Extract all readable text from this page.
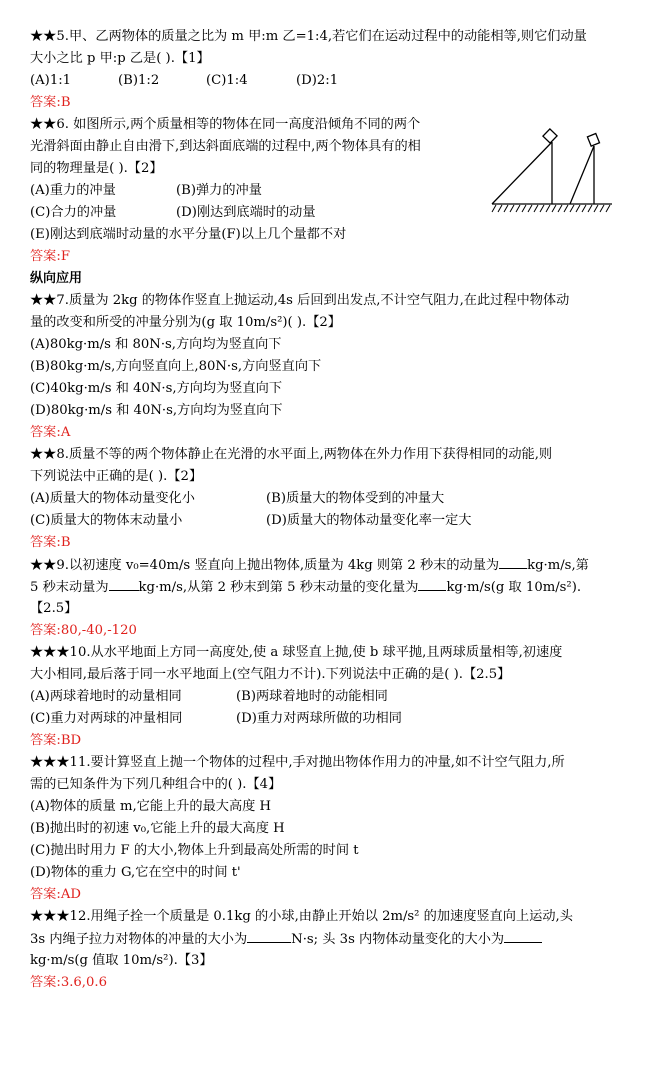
★★5.甲、乙两物体的质量之比为 m 甲:m 乙=1:4,若它们在运动过程中的动能相等,则它们动量
大小之比 p 甲:p 乙是( ).【1】
(A)1:1	(B)1:2	(C)1:4	(D)2:1
答案:B
★★6. 如图所示,两个质量相等的物体在同一高度沿倾角不同的两个
光滑斜面由静止自由滑下,到达斜面底端的过程中,两个物体具有的相
同的物理量是( ).【2】
(A)重力的冲量	(B)弹力的冲量
(C)合力的冲量	(D)刚达到底端时的动量
(E)刚达到底端时动量的水平分量(F)以上几个量都不对
答案:F
纵向应用
★★7.质量为 2kg 的物体作竖直上抛运动,4s 后回到出发点,不计空气阻力,在此过程中物体动
量的改变和所受的冲量分别为(g 取 10m/s²)( ).【2】
(A)80kg·m/s 和 80N·s,方向均为竖直向下
(B)80kg·m/s,方向竖直向上,80N·s,方向竖直向下
(C)40kg·m/s 和 40N·s,方向均为竖直向下
(D)80kg·m/s 和 40N·s,方向均为竖直向下
答案:A
★★8.质量不等的两个物体静止在光滑的水平面上,两物体在外力作用下获得相同的动能,则
下列说法中正确的是( ).【2】
(A)质量大的物体动量变化小	(B)质量大的物体受到的冲量大
(C)质量大的物体末动量小	(D)质量大的物体动量变化率一定大
答案:B
★★9.以初速度 v₀=40m/s 竖直向上抛出物体,质量为 4kg 则第 2 秒末的动量为 kg·m/s,第
5 秒末动量为 kg·m/s,从第 2 秒末到第 5 秒末动量的变化量为 kg·m/s(g 取 10m/s²).
【2.5】
答案:80,-40,-120
★★★10.从水平地面上方同一高度处,使 a 球竖直上抛,使 b 球平抛,且两球质量相等,初速度
大小相同,最后落于同一水平地面上(空气阻力不计).下列说法中正确的是( ).【2.5】
(A)两球着地时的动量相同	(B)两球着地时的动能相同
(C)重力对两球的冲量相同	(D)重力对两球所做的功相同
答案:BD
★★★11.要计算竖直上抛一个物体的过程中,手对抛出物体作用力的冲量,如不计空气阻力,所
需的已知条件为下列几种组合中的( ).【4】
(A)物体的质量 m,它能上升的最大高度 H
(B)抛出时的初速 v₀,它能上升的最大高度 H
(C)抛出时用力 F 的大小,物体上升到最高处所需的时间 t
(D)物体的重力 G,它在空中的时间 t'
答案:AD
★★★12.用绳子拴一个质量是 0.1kg 的小球,由静止开始以 2m/s² 的加速度竖直向上运动,头
3s 内绳子拉力对物体的冲量的大小为	N·s; 头 3s 内物体动量变化的大小为
kg·m/s(g 值取 10m/s²).【3】
答案:3.6,0.6
